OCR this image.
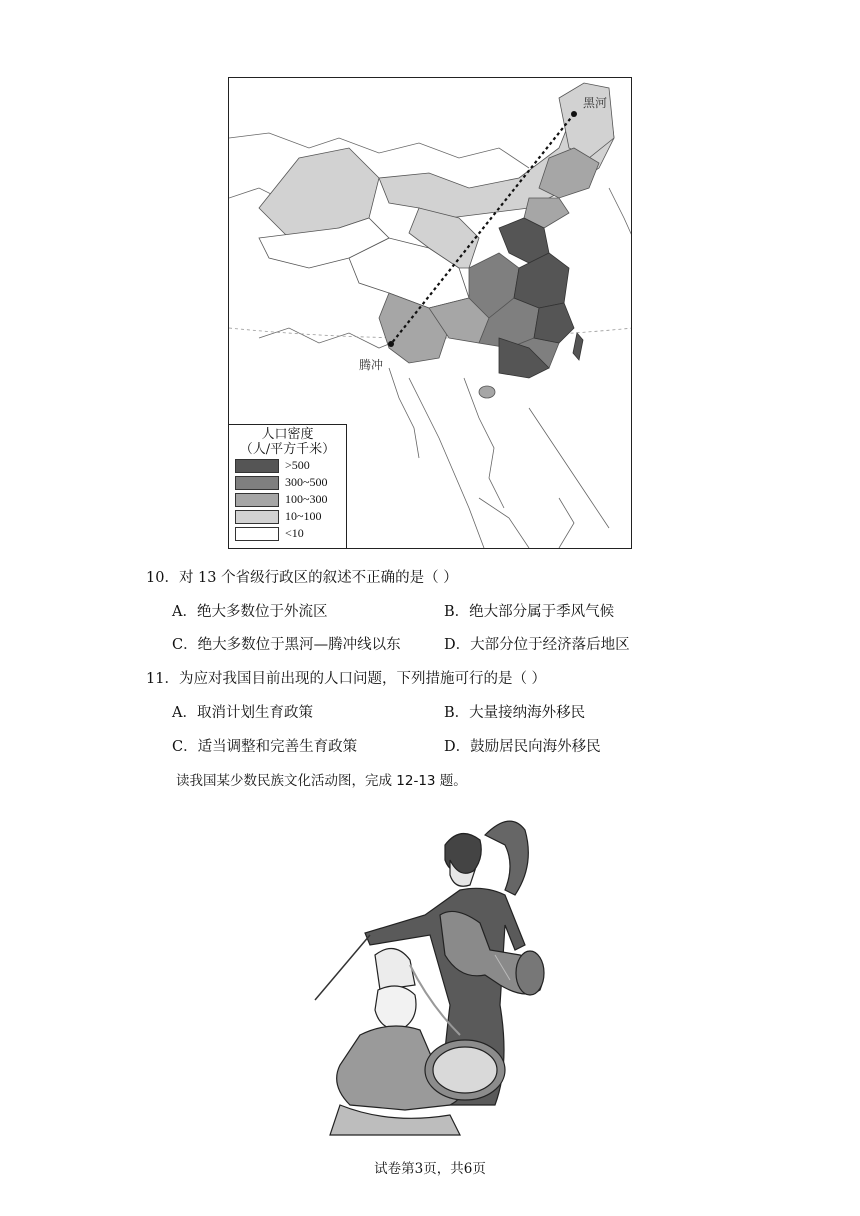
黑河
腾冲
人口密度
（人/平方千米）
>500
300~500
100~300
10~100
<10
10．对 13 个省级行政区的叙述不正确的是（ ）
A．绝大多数位于外流区	B．绝大部分属于季风气候
C．绝大多数位于黑河—腾冲线以东	D．大部分位于经济落后地区
11．为应对我国目前出现的人口问题，下列措施可行的是（ ）
A．取消计划生育政策	B．大量接纳海外移民
C．适当调整和完善生育政策	D．鼓励居民向海外移民
读我国某少数民族文化活动图，完成 12-13 题。
试卷第3页，共6页
